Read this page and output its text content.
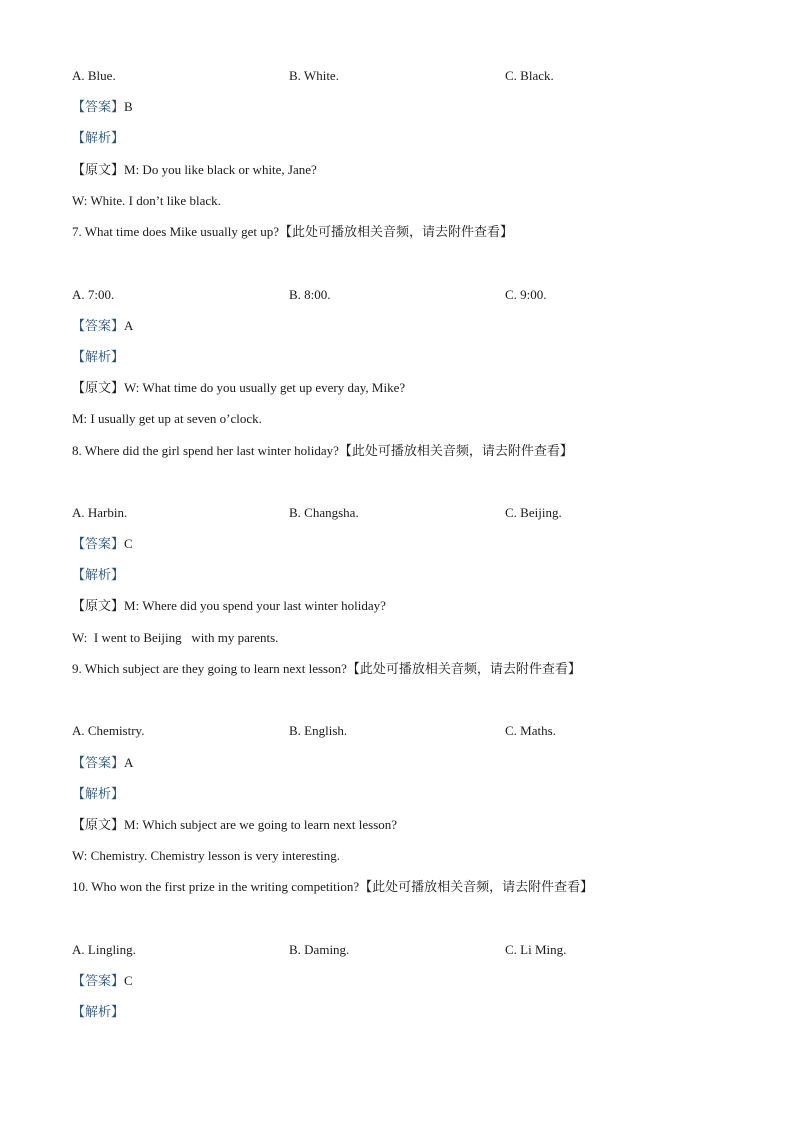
A. Blue.	B. White.	C. Black.
【答案】B
【解析】
【原文】M: Do you like black or white, Jane?
W: White. I don’t like black.
7. What time does Mike usually get up?【此处可播放相关音频，请去附件查看】
A. 7:00.	B. 8:00.	C. 9:00.
【答案】A
【解析】
【原文】W: What time do you usually get up every day, Mike?
M: I usually get up at seven o’clock.
8. Where did the girl spend her last winter holiday?【此处可播放相关音频，请去附件查看】
A. Harbin.	B. Changsha.	C. Beijing.
【答案】C
【解析】
【原文】M: Where did you spend your last winter holiday?
W:  I went to Beijing   with my parents.
9. Which subject are they going to learn next lesson?【此处可播放相关音频，请去附件查看】
A. Chemistry.	B. English.	C. Maths.
【答案】A
【解析】
【原文】M: Which subject are we going to learn next lesson?
W: Chemistry. Chemistry lesson is very interesting.
10. Who won the first prize in the writing competition?【此处可播放相关音频，请去附件查看】
A. Lingling.	B. Daming.	C. Li Ming.
【答案】C
【解析】
